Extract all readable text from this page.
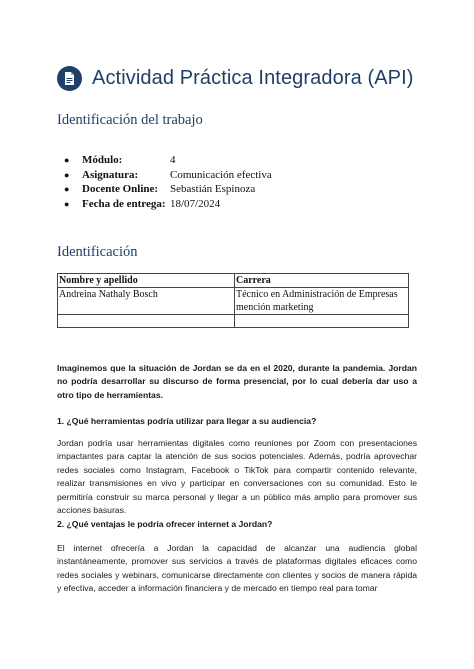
Actividad Práctica Integradora (API)
Identificación del trabajo
●	Módulo:	4
●	Asignatura:	Comunicación efectiva
●	Docente Online:	Sebastián Espinoza
●	Fecha de entrega: 18/07/2024
Identificación
Nombre y apellido	Carrera
Andreina Nathaly Bosch	Técnico en Administración de Empresas mención marketing

Imaginemos que la situación de Jordan se da en el 2020, durante la pandemia. Jordan no podría desarrollar su discurso de forma presencial, por lo cual debería dar uso a otro tipo de herramientas.
1. ¿Qué herramientas podría utilizar para llegar a su audiencia?
Jordan podría usar herramientas digitales como reuniones por Zoom con presentaciones impactantes para captar la atención de sus socios potenciales. Además, podría aprovechar redes sociales como Instagram, Facebook o TikTok para compartir contenido relevante, realizar transmisiones en vivo y participar en conversaciones con su comunidad. Esto le permitiría construir su marca personal y llegar a un público más amplio para promover sus acciones basuras.
2. ¿Qué ventajas le podría ofrecer internet a Jordan?
El internet ofrecería a Jordan la capacidad de alcanzar una audiencia global instantáneamente, promover sus servicios a través de plataformas digitales eficaces como redes sociales y webinars, comunicarse directamente con clientes y socios de manera rápida y efectiva, acceder a información financiera y de mercado en tiempo real para tomar
